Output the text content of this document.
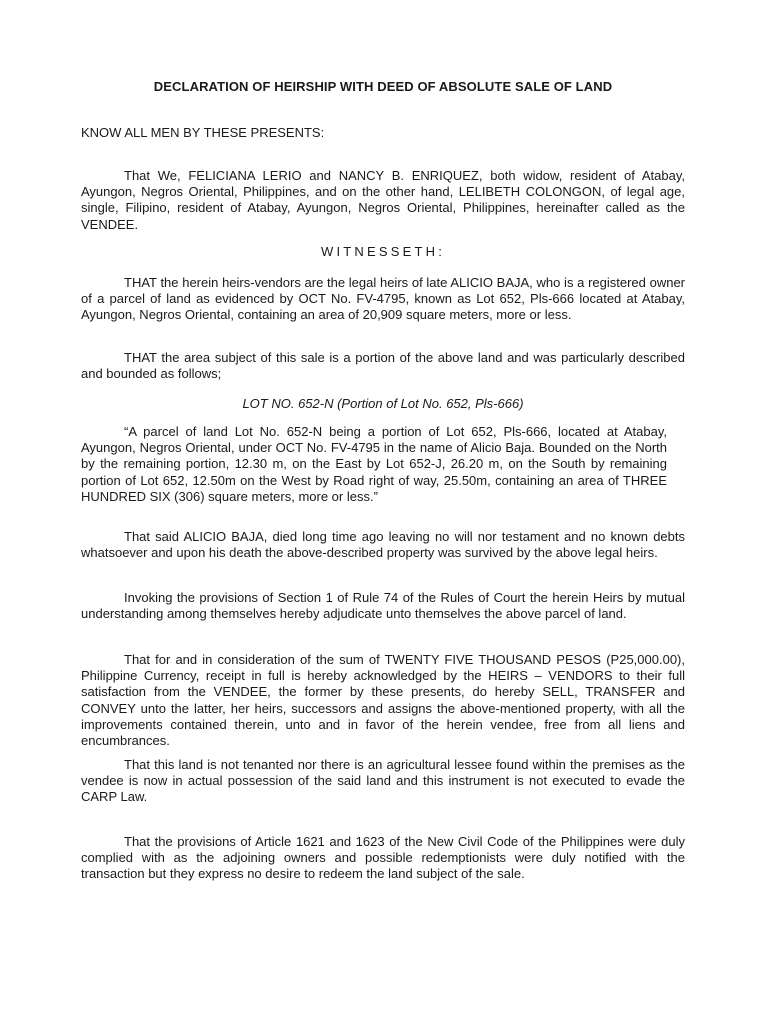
DECLARATION OF HEIRSHIP WITH DEED OF ABSOLUTE SALE OF LAND
KNOW ALL MEN BY THESE PRESENTS:
That We, FELICIANA LERIO and NANCY B. ENRIQUEZ, both widow, resident of Atabay, Ayungon, Negros Oriental, Philippines, and on the other hand, LELIBETH COLONGON, of legal age, single, Filipino, resident of Atabay, Ayungon, Negros Oriental, Philippines, hereinafter called as the VENDEE.
WITNESSETH:
THAT the herein heirs-vendors are the legal heirs of late ALICIO BAJA, who is a registered owner of a parcel of land as evidenced by OCT No. FV-4795, known as Lot 652, Pls-666 located at Atabay, Ayungon, Negros Oriental, containing an area of 20,909 square meters, more or less.
THAT the area subject of this sale is a portion of the above land and was particularly described and bounded as follows;
LOT NO. 652-N (Portion of Lot No. 652, Pls-666)
“A parcel of land Lot No. 652-N being a portion of Lot 652, Pls-666, located at Atabay, Ayungon, Negros Oriental, under OCT No. FV-4795 in the name of Alicio Baja. Bounded on the North by the remaining portion, 12.30 m, on the East by Lot 652-J, 26.20 m, on the South by remaining portion of Lot 652, 12.50m on the West by Road right of way, 25.50m, containing an area of THREE HUNDRED SIX (306) square meters, more or less.”
That said ALICIO BAJA, died long time ago leaving no will nor testament and no known debts whatsoever and upon his death the above-described property was survived by the above legal heirs.
Invoking the provisions of Section 1 of Rule 74 of the Rules of Court the herein Heirs by mutual understanding among themselves hereby adjudicate unto themselves the above parcel of land.
That for and in consideration of the sum of TWENTY FIVE THOUSAND PESOS (P25,000.00), Philippine Currency, receipt in full is hereby acknowledged by the HEIRS – VENDORS to their full satisfaction from the VENDEE, the former by these presents, do hereby SELL, TRANSFER and CONVEY unto the latter, her heirs, successors and assigns the above-mentioned property, with all the improvements contained therein, unto and in favor of the herein vendee, free from all liens and encumbrances.
That this land is not tenanted nor there is an agricultural lessee found within the premises as the vendee is now in actual possession of the said land and this instrument is not executed to evade the CARP Law.
That the provisions of Article 1621 and 1623 of the New Civil Code of the Philippines were duly complied with as the adjoining owners and possible redemptionists were duly notified with the transaction but they express no desire to redeem the land subject of the sale.
